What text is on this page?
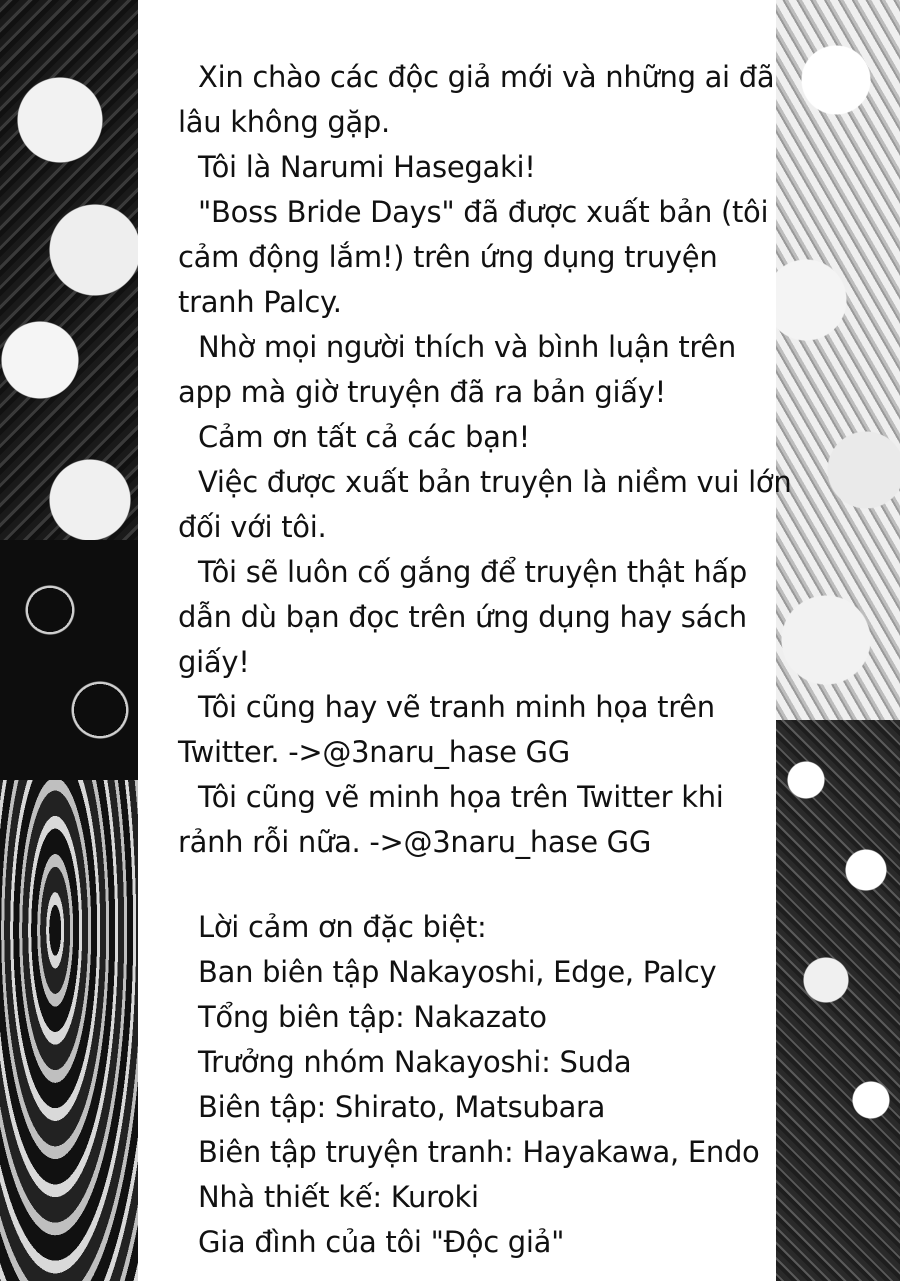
Xin chào các độc giả mới và những ai đã
lâu không gặp.
Tôi là Narumi Hasegaki!
"Boss Bride Days" đã được xuất bản (tôi
cảm động lắm!) trên ứng dụng truyện
tranh Palcy.
Nhờ mọi người thích và bình luận trên
app mà giờ truyện đã ra bản giấy!
Cảm ơn tất cả các bạn!
Việc được xuất bản truyện là niềm vui lớn
đối với tôi.
Tôi sẽ luôn cố gắng để truyện thật hấp
dẫn dù bạn đọc trên ứng dụng hay sách
giấy!
Tôi cũng hay vẽ tranh minh họa trên
Twitter. ->@3naru_hase GG
Tôi cũng vẽ minh họa trên Twitter khi
rảnh rỗi nữa. ->@3naru_hase GG
Lời cảm ơn đặc biệt:
Ban biên tập Nakayoshi, Edge, Palcy
Tổng biên tập: Nakazato
Trưởng nhóm Nakayoshi: Suda
Biên tập: Shirato, Matsubara
Biên tập truyện tranh: Hayakawa, Endo
Nhà thiết kế: Kuroki
Gia đình của tôi "Độc giả"
